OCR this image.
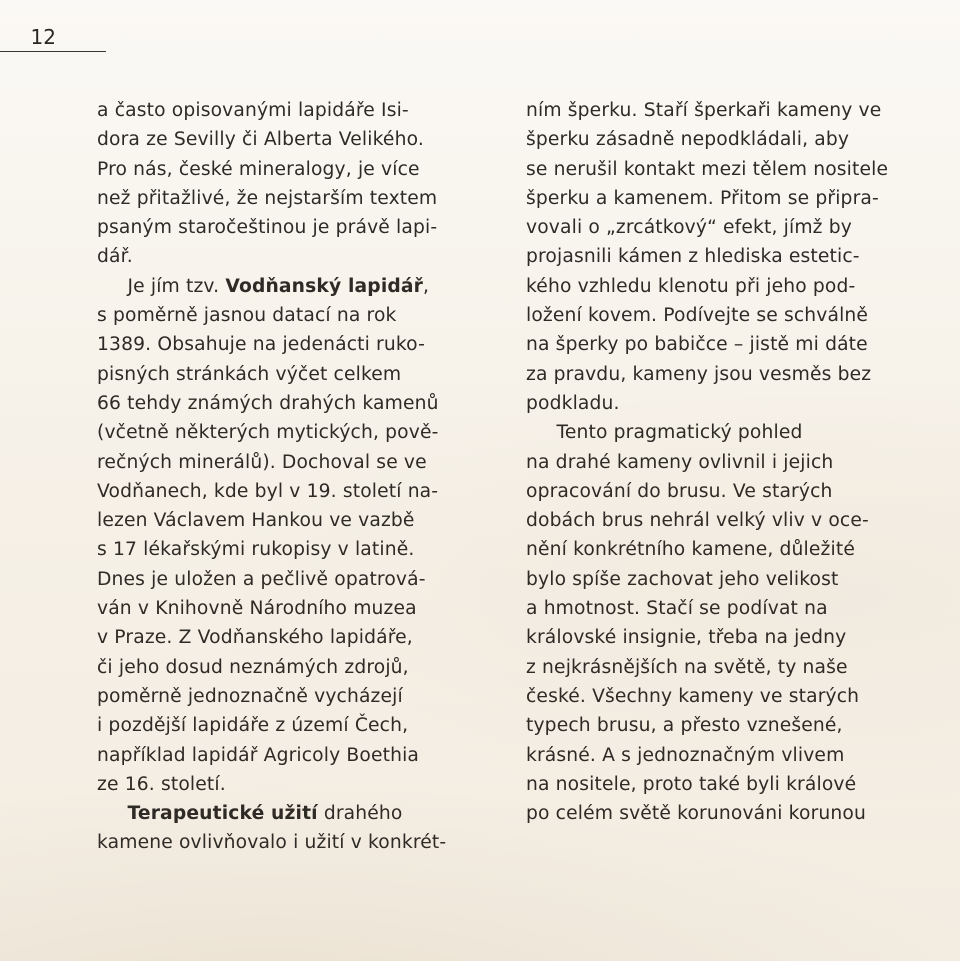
12
a často opisovanými lapidáře Isi-
dora ze Sevilly či Alberta Velikého.
Pro nás, české mineralogy, je více
než přitažlivé, že nejstarším textem
psaným staročeštinou je právě lapi-
dář.
Je jím tzv. Vodňanský lapidář,
s poměrně jasnou datací na rok
1389. Obsahuje na jedenácti ruko-
pisných stránkách výčet celkem
66 tehdy známých drahých kamenů
(včetně některých mytických, pově-
rečných minerálů). Dochoval se ve
Vodňanech, kde byl v 19. století na-
lezen Václavem Hankou ve vazbě
s 17 lékařskými rukopisy v latině.
Dnes je uložen a pečlivě opatrová-
ván v Knihovně Národního muzea
v Praze. Z Vodňanského lapidáře,
či jeho dosud neznámých zdrojů,
poměrně jednoznačně vycházejí
i pozdější lapidáře z území Čech,
například lapidář Agricoly Boethia
ze 16. století.
Terapeutické užití drahého
kamene ovlivňovalo i užití v konkrét-
ním šperku. Staří šperkaři kameny ve
šperku zásadně nepodkládali, aby
se nerušil kontakt mezi tělem nositele
šperku a kamenem. Přitom se připra-
vovali o „zrcátkový“ efekt, jímž by
projasnili kámen z hlediska estetic-
kého vzhledu klenotu při jeho pod-
ložení kovem. Podívejte se schválně
na šperky po babičce – jistě mi dáte
za pravdu, kameny jsou vesměs bez
podkladu.
Tento pragmatický pohled
na drahé kameny ovlivnil i jejich
opracování do brusu. Ve starých
dobách brus nehrál velký vliv v oce-
nění konkrétního kamene, důležité
bylo spíše zachovat jeho velikost
a hmotnost. Stačí se podívat na
královské insignie, třeba na jedny
z nejkrásnějších na světě, ty naše
české. Všechny kameny ve starých
typech brusu, a přesto vznešené,
krásné. A s jednoznačným vlivem
na nositele, proto také byli králové
po celém světě korunováni korunou
